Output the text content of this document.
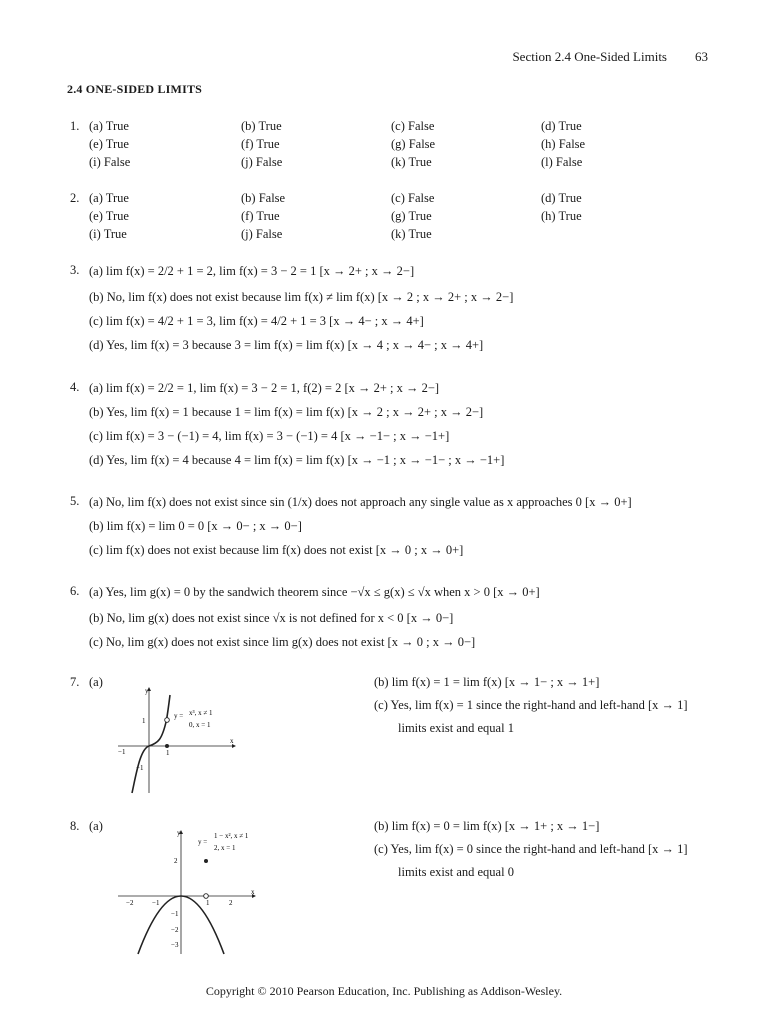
Section 2.4 One-Sided Limits 63
2.4 ONE-SIDED LIMITS
1. (a) True	(b) True	(c) False	(d) True
(e) True	(f) True	(g) False	(h) False
(i) False	(j) False	(k) True	(l) False
2. (a) True	(b) False	(c) False	(d) True
(e) True	(f) True	(g) True	(h) True
(i) True	(j) False	(k) True
3. (a) lim f(x) = 2/2 + 1 = 2, lim f(x) = 3 − 2 = 1 [x → 2+ ; x → 2−]
(b) No, lim f(x) does not exist because lim f(x) ≠ lim f(x) [x → 2 ; x → 2+ ; x → 2−]
(c) lim f(x) = 4/2 + 1 = 3, lim f(x) = 4/2 + 1 = 3 [x → 4− ; x → 4+]
(d) Yes, lim f(x) = 3 because 3 = lim f(x) = lim f(x) [x → 4 ; x → 4− ; x → 4+]
4. (a) lim f(x) = 2/2 = 1, lim f(x) = 3 − 2 = 1, f(2) = 2 [x → 2+ ; x → 2−]
(b) Yes, lim f(x) = 1 because 1 = lim f(x) = lim f(x) [x → 2 ; x → 2+ ; x → 2−]
(c) lim f(x) = 3 − (−1) = 4, lim f(x) = 3 − (−1) = 4 [x → −1− ; x → −1+]
(d) Yes, lim f(x) = 4 because 4 = lim f(x) = lim f(x) [x → −1 ; x → −1− ; x → −1+]
5. (a) No, lim f(x) does not exist since sin (1/x) does not approach any single value as x approaches 0 [x → 0+]
(b) lim f(x) = lim 0 = 0 [x → 0− ; x → 0−]
(c) lim f(x) does not exist because lim f(x) does not exist [x → 0 ; x → 0+]
6. (a) Yes, lim g(x) = 0 by the sandwich theorem since −√x ≤ g(x) ≤ √x when x > 0 [x → 0+]
(b) No, lim g(x) does not exist since √x is not defined for x < 0 [x → 0−]
(c) No, lim g(x) does not exist since lim g(x) does not exist [x → 0 ; x → 0−]
7. (a)
y
x
1
−1
1
−1
y = x³, x ≠ 1
0, x = 1
(b) lim f(x) = 1 = lim f(x) [x → 1− ; x → 1+]
(c) Yes, lim f(x) = 1 since the right-hand and left-hand [x → 1]
limits exist and equal 1
8. (a)	y
x
−2	−1	1	2
2
−1
−2
−3
y =
1 − x², x ≠ 1
2, x = 1
(b) lim f(x) = 0 = lim f(x) [x → 1+ ; x → 1−]
(c) Yes, lim f(x) = 0 since the right-hand and left-hand [x → 1]
limits exist and equal 0
Copyright © 2010 Pearson Education, Inc. Publishing as Addison-Wesley.
